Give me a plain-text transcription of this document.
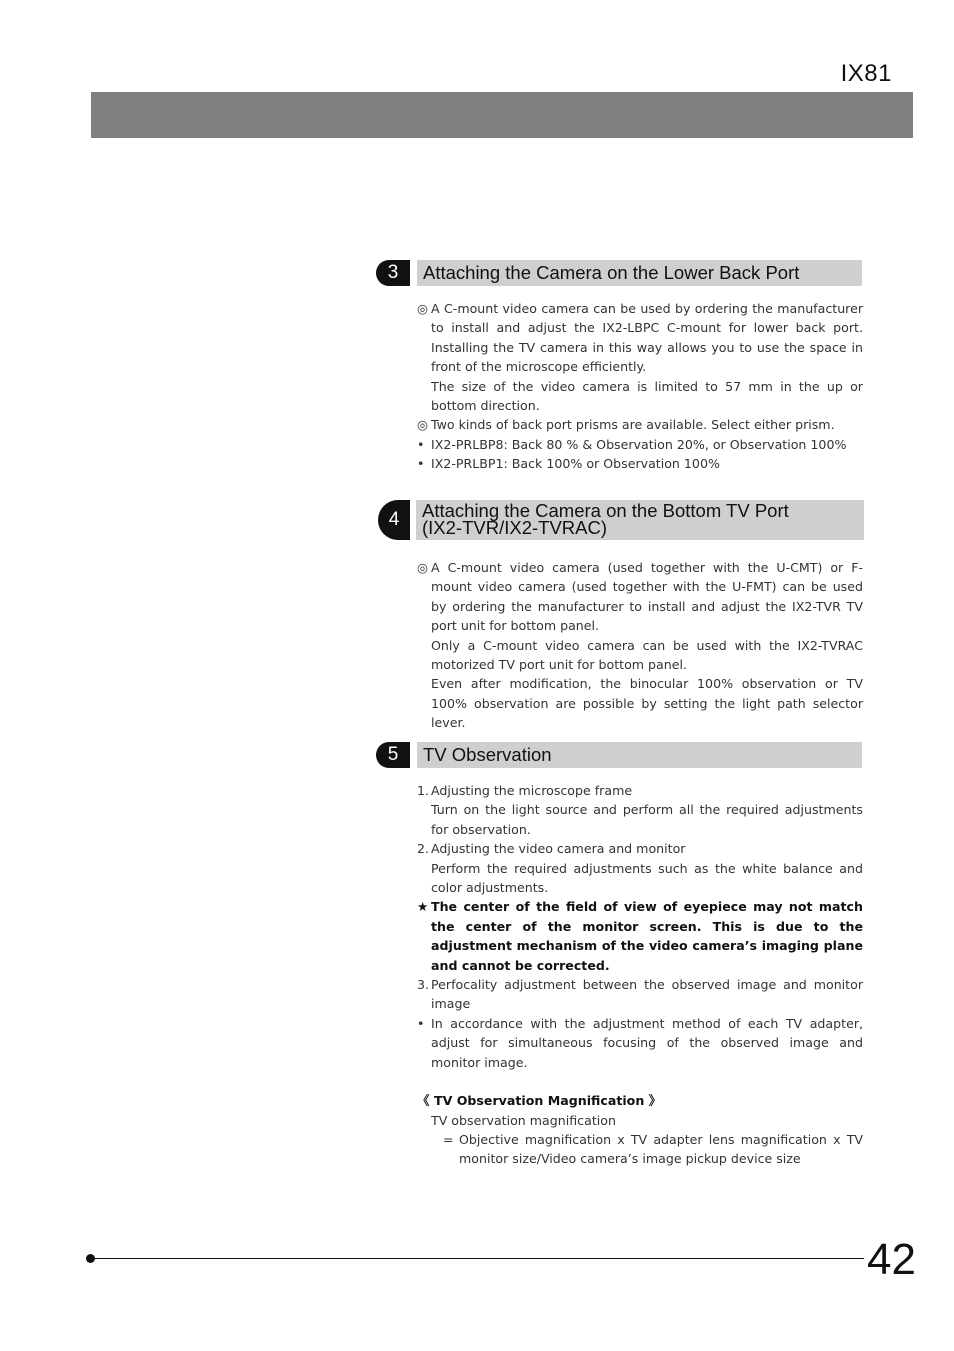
IX81
3	Attaching the Camera on the Lower Back Port
◎ A C-mount video camera can be used by ordering the manufacturer to install and adjust the IX2-LBPC C-mount for lower back port. Installing the TV camera in this way allows you to use the space in front of the microscope efficiently.
The size of the video camera is limited to 57 mm in the up or bottom direction.
◎ Two kinds of back port prisms are available. Select either prism.
• IX2-PRLBP8: Back 80 % & Observation 20%, or Observation 100%
• IX2-PRLBP1: Back 100% or Observation 100%
4	Attaching the Camera on the Bottom TV Port
(IX2-TVR/IX2-TVRAC)
◎ A C-mount video camera (used together with the U-CMT) or F-mount video camera (used together with the U-FMT) can be used by ordering the manufacturer to install and adjust the IX2-TVR TV port unit for bottom panel.
Only a C-mount video camera can be used with the IX2-TVRAC motorized TV port unit for bottom panel.
Even after modification, the binocular 100% observation or TV 100% observation are possible by setting the light path selector lever.
5	TV Observation
1. Adjusting the microscope frame
Turn on the light source and perform all the required adjustments for observation.
2. Adjusting the video camera and monitor
Perform the required adjustments such as the white balance and color adjustments.
★ The center of the field of view of eyepiece may not match the center of the monitor screen. This is due to the adjustment mechanism of the video camera’s imaging plane and cannot be corrected.
3. Perfocality adjustment between the observed image and monitor image
• In accordance with the adjustment method of each TV adapter, adjust for simultaneous focusing of the observed image and monitor image.
《 TV Observation Magnification 》
TV observation magnification
= Objective magnification x TV adapter lens magnification x TV monitor size/Video camera’s image pickup device size
42
